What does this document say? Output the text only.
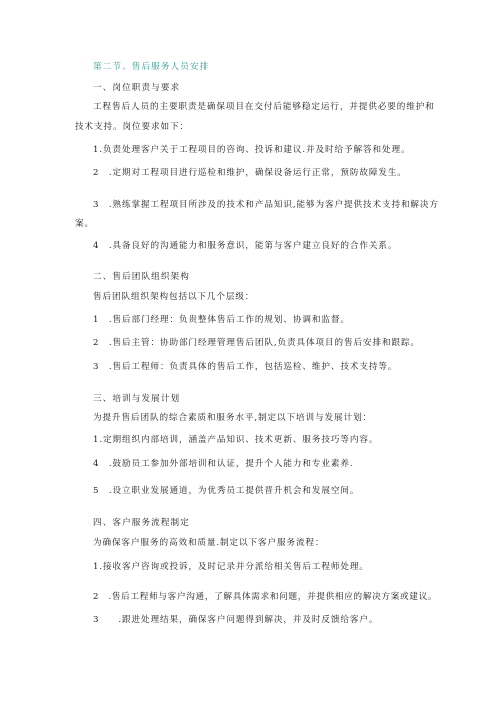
第二节、售后服务人员安排
一、岗位职责与要求
工程售后人员的主要职责是确保项目在交付后能够稳定运行，并提供必要的维护和
技术支持。岗位要求如下：
1.负责处理客户关于工程项目的咨询、投诉和建议.并及时给予解答和处理。
2　.定期对工程项目进行巡检和维护，确保设备运行正常，预防故障发生。
3　.熟练掌握工程项目所涉及的技术和产品知识,能够为客户提供技术支持和解决方
案。
4　.具备良好的沟通能力和服务意识，能第与客户建立良好的合作关系。
二、售后团队组织架构
售后团队组织架构包括以下几个层级：
1　.售后部门经理：负贵整体售后工作的规划、协调和监督。
2　.售后主管：协助部门经理管理售后团队,负责具体项目的售后安排和跟踪。
3　.售后工程师：负责具体的售后工作，包括巡检、维护、技术支持等。
三、培训与发展计划
为提升售后团队的综合素质和服务水平,制定以下培训与发展计划：
1.定期组织内部培训，涵盖产品知识、技术更新、服务技巧等内容。
4　.鼓励员工参加外部培训和认证，提升个人能力和专业素养.
5　.设立职业发展通道，为优秀员工提供晋升机会和发展空间。
四、客户服务流程制定
为确保客户服务的高效和质量.制定以下客户服务流程：
1.接收客户咨询或投诉，及时记录并分派给相关售后工程师处理。
2　.售后工程师与客户沟通，了解具体需求和问题，并提供相应的解决方案或建议。
3　　.跟进处理结果，确保客户问题得到解决，并及时反馈给客户。
